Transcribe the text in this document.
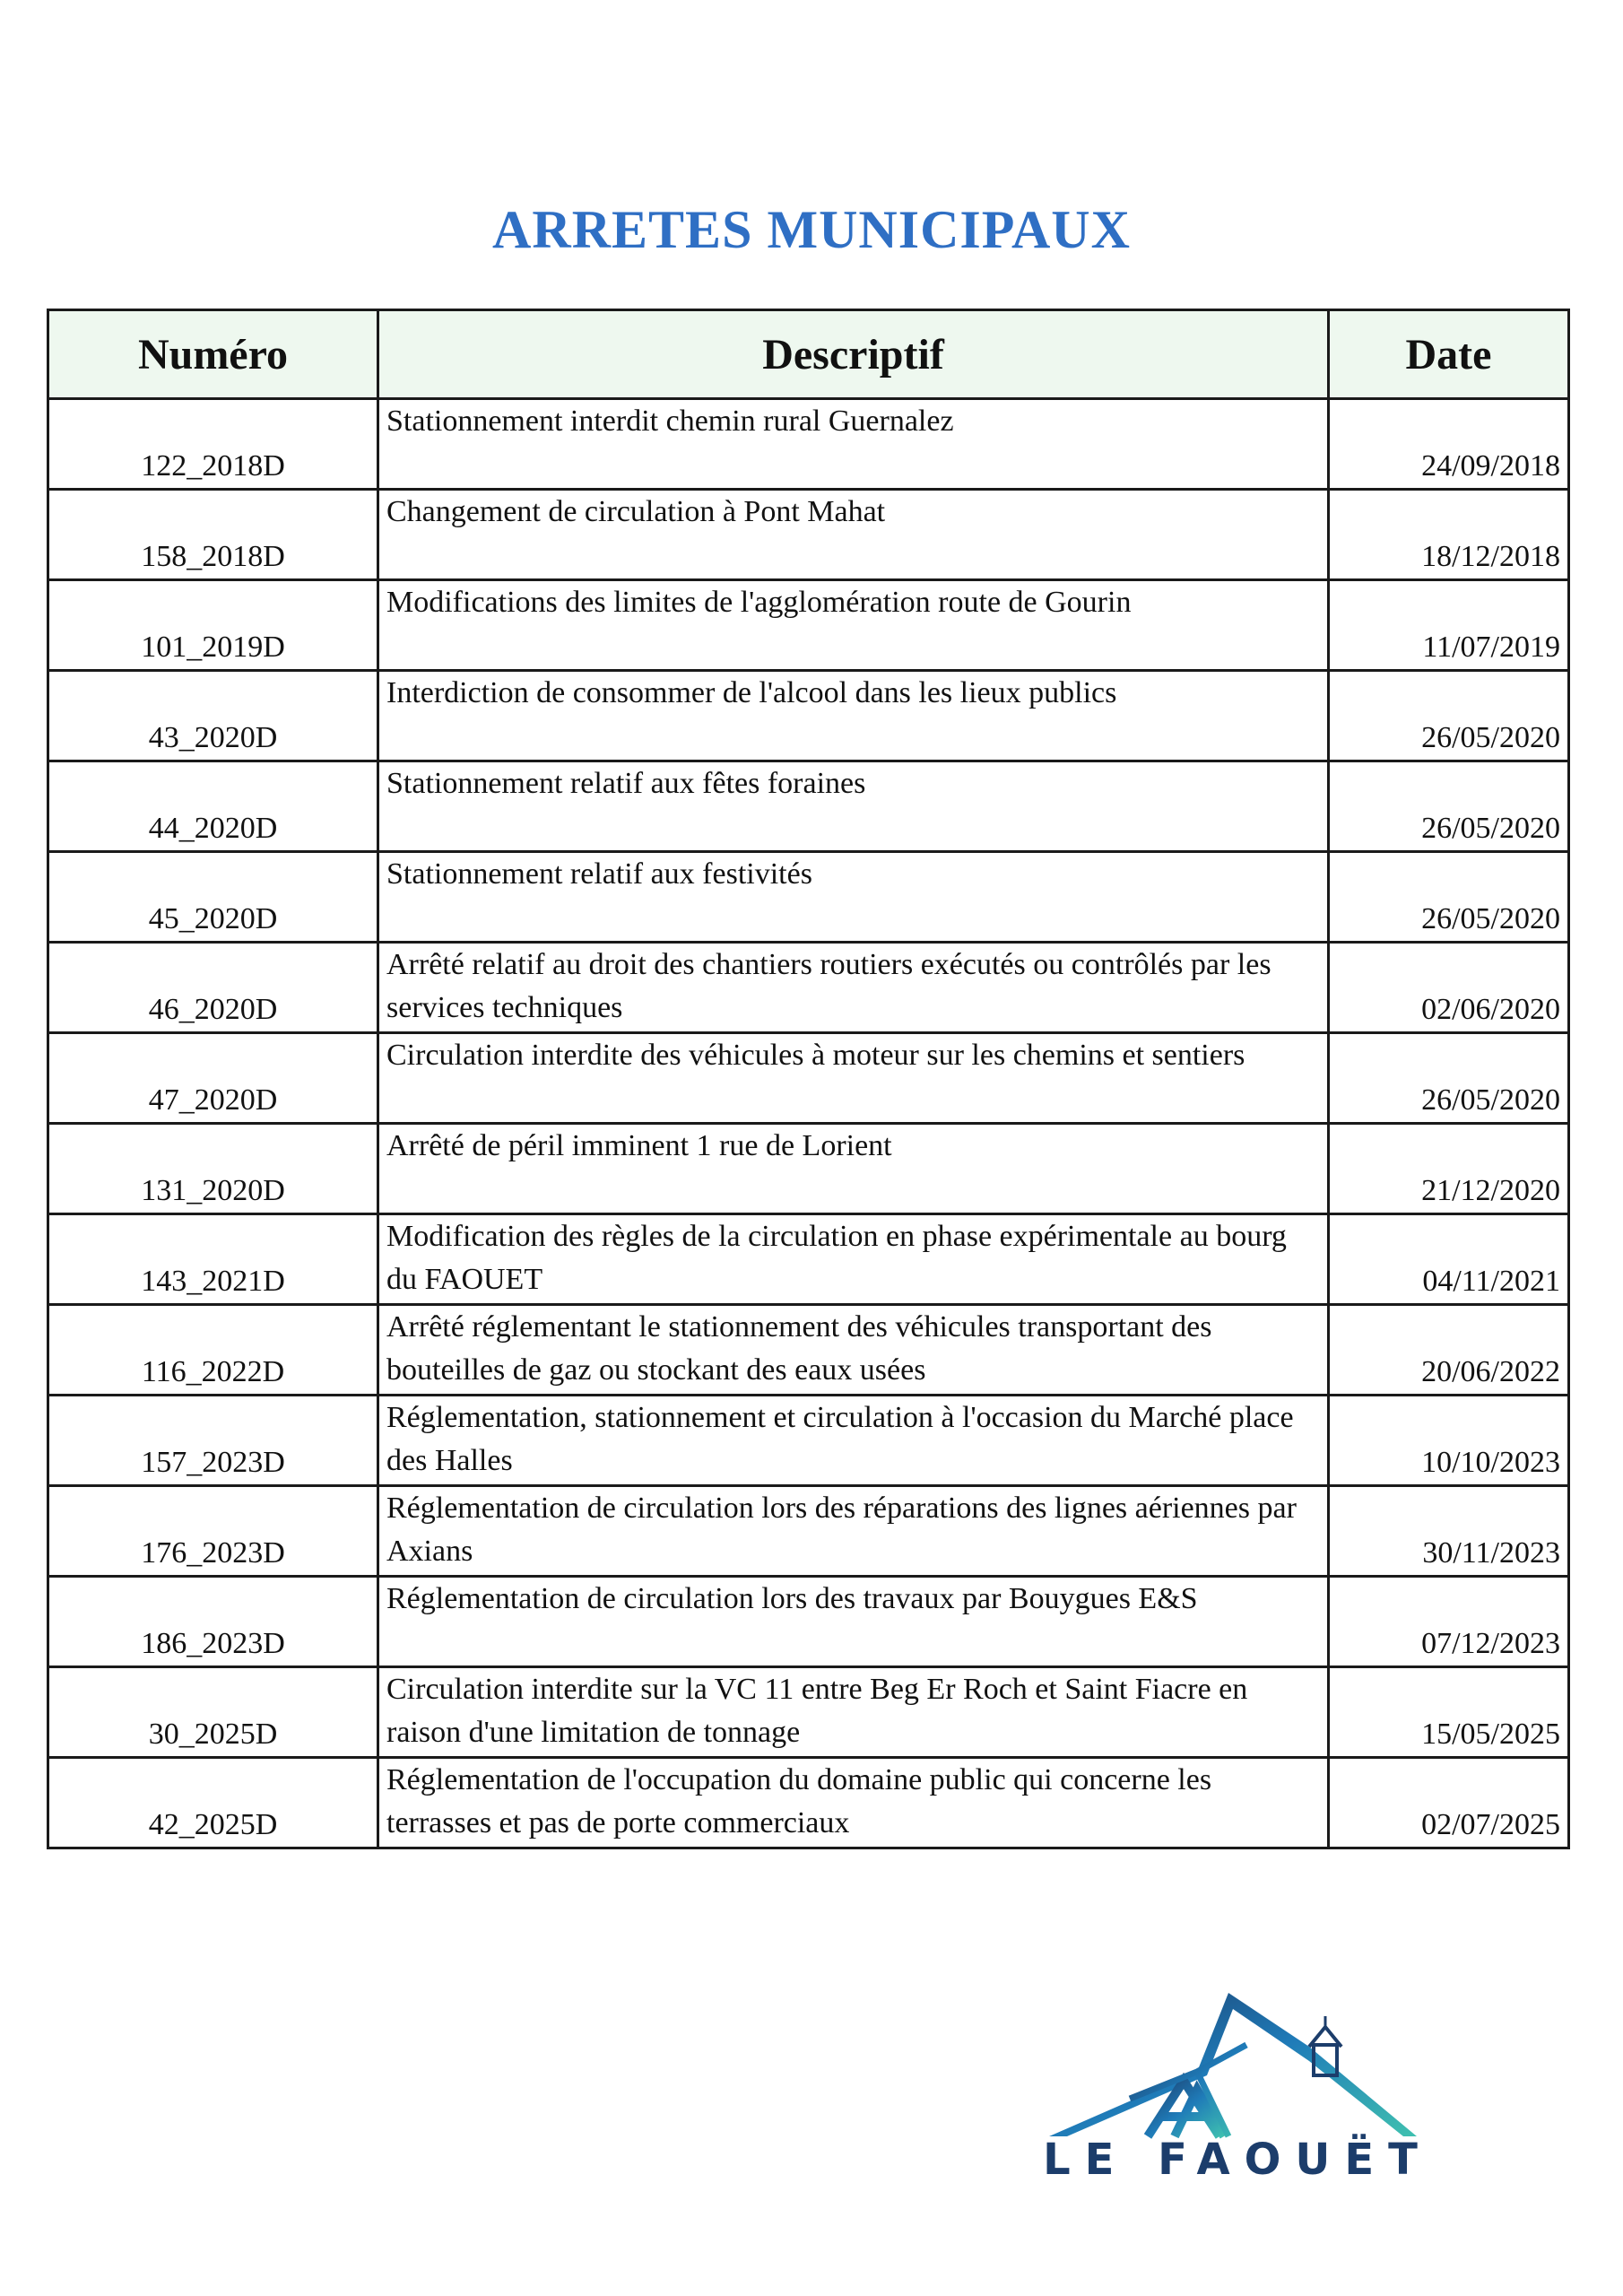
ARRETES MUNICIPAUX
Numéro	Descriptif	Date
122_2018D	Stationnement interdit chemin rural Guernalez	24/09/2018
158_2018D	Changement de circulation à Pont Mahat	18/12/2018
101_2019D	Modifications des limites de l'agglomération route de Gourin	11/07/2019
43_2020D	Interdiction de consommer de l'alcool dans les lieux publics	26/05/2020
44_2020D	Stationnement relatif aux fêtes foraines	26/05/2020
45_2020D	Stationnement relatif aux festivités	26/05/2020
46_2020D	Arrêté relatif au droit des chantiers routiers exécutés ou contrôlés par les services techniques	02/06/2020
47_2020D	Circulation interdite des véhicules à moteur sur les chemins et sentiers	26/05/2020
131_2020D	Arrêté de péril imminent 1 rue de Lorient	21/12/2020
143_2021D	Modification des règles de la circulation en phase expérimentale au bourg du FAOUET	04/11/2021
116_2022D	Arrêté réglementant le stationnement des véhicules transportant des bouteilles de gaz ou stockant des eaux usées	20/06/2022
157_2023D	Réglementation, stationnement et circulation à l'occasion du Marché place des Halles	10/10/2023
176_2023D	Réglementation de circulation lors des réparations des lignes aériennes par Axians	30/11/2023
186_2023D	Réglementation de circulation lors des travaux par Bouygues E&S	07/12/2023
30_2025D	Circulation interdite sur la VC 11 entre Beg Er Roch et Saint Fiacre en raison d'une limitation de tonnage	15/05/2025
42_2025D	Réglementation de l'occupation du domaine public qui concerne les terrasses et pas de porte commerciaux	02/07/2025
LE FAOUËT
